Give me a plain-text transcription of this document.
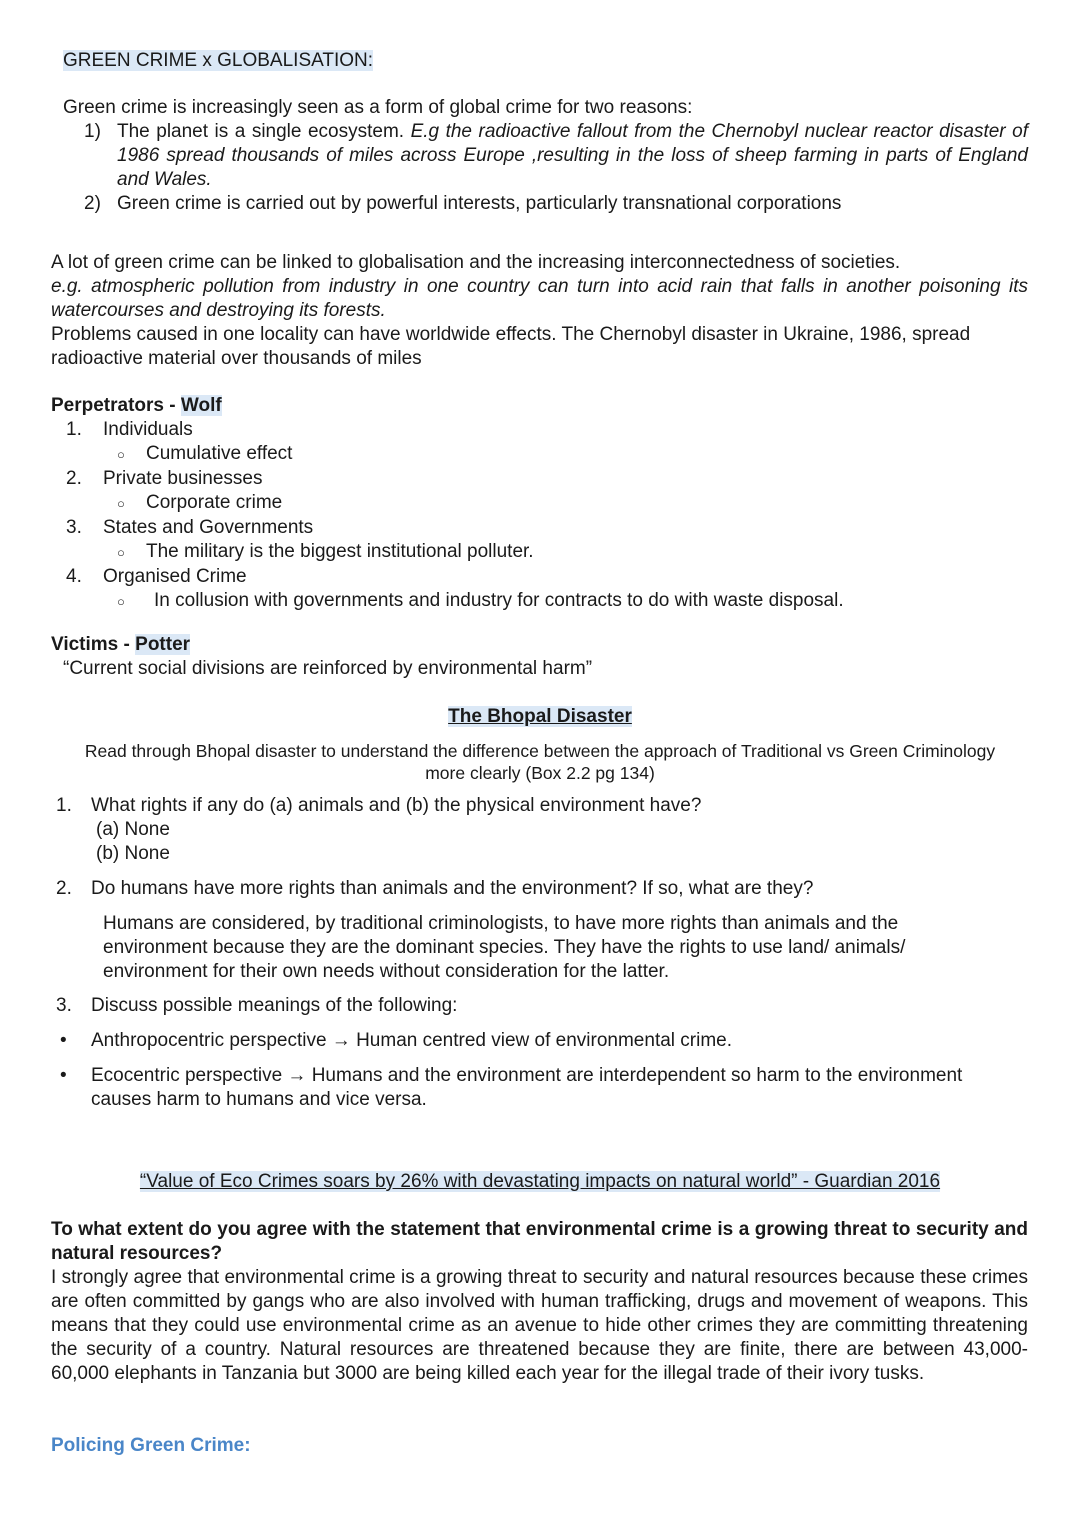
GREEN CRIME x GLOBALISATION:
Green crime is increasingly seen as a form of global crime for two reasons:
1) The planet is a single ecosystem. E.g the radioactive fallout from the Chernobyl nuclear reactor disaster of 1986 spread thousands of miles across Europe ,resulting in the loss of sheep farming in parts of England and Wales.
2) Green crime is carried out by powerful interests, particularly transnational corporations
A lot of green crime can be linked to globalisation and the increasing interconnectedness of societies.
e.g. atmospheric pollution from industry in one country can turn into acid rain that falls in another poisoning its watercourses and destroying its forests.
Problems caused in one locality can have worldwide effects. The Chernobyl disaster in Ukraine, 1986, spread radioactive material over thousands of miles
Perpetrators - Wolf
1. Individuals
○ Cumulative effect
2. Private businesses
○ Corporate crime
3. States and Governments
○ The military is the biggest institutional polluter.
4. Organised Crime
○ In collusion with governments and industry for contracts to do with waste disposal.
Victims - Potter
“Current social divisions are reinforced by environmental harm”
The Bhopal Disaster
Read through Bhopal disaster to understand the difference between the approach of Traditional vs Green Criminology
more clearly (Box 2.2 pg 134)
1. What rights if any do (a) animals and (b) the physical environment have?
(a) None
(b) None
2.	Do humans have more rights than animals and the environment? If so, what are they?
Humans are considered, by traditional criminologists, to have more rights than animals and the environment because they are the dominant species. They have the rights to use land/ animals/ environment for their own needs without consideration for the latter.
3.	Discuss possible meanings of the following:
•	Anthropocentric perspective → Human centred view of environmental crime.
•	Ecocentric perspective → Humans and the environment are interdependent so harm to the environment causes harm to humans and vice versa.
“Value of Eco Crimes soars by 26% with devastating impacts on natural world” - Guardian 2016
To what extent do you agree with the statement that environmental crime is a growing threat to security and natural resources?
I strongly agree that environmental crime is a growing threat to security and natural resources because these crimes are often committed by gangs who are also involved with human trafficking, drugs and movement of weapons. This means that they could use environmental crime as an avenue to hide other crimes they are committing threatening the security of a country. Natural resources are threatened because they are finite, there are between 43,000- 60,000 elephants in Tanzania but 3000 are being killed each year for the illegal trade of their ivory tusks.
Policing Green Crime:
